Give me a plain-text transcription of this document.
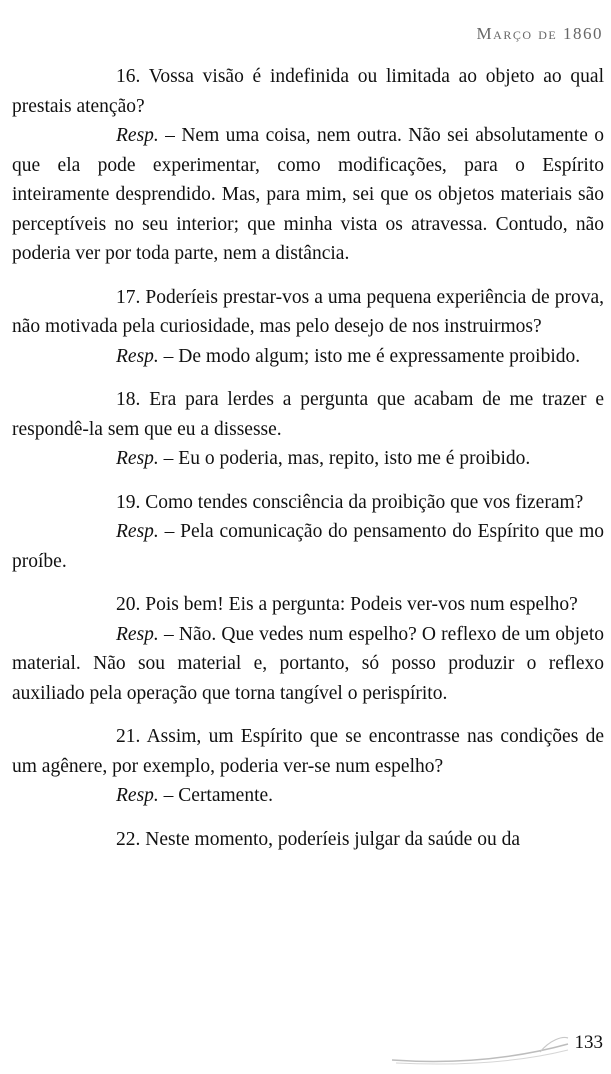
Março de 1860

16. Vossa visão é indefinida ou limitada ao objeto ao qual prestais atenção?

Resp. – Nem uma coisa, nem outra. Não sei absolutamente o que ela pode experimentar, como modificações, para o Espírito inteiramente desprendido. Mas, para mim, sei que os objetos materiais são perceptíveis no seu interior; que minha vista os atravessa. Contudo, não poderia ver por toda parte, nem a distância.

17. Poderíeis prestar-vos a uma pequena experiência de prova, não motivada pela curiosidade, mas pelo desejo de nos instruirmos?

Resp. – De modo algum; isto me é expressamente proibido.

18. Era para lerdes a pergunta que acabam de me trazer e respondê-la sem que eu a dissesse.

Resp. – Eu o poderia, mas, repito, isto me é proibido.

19. Como tendes consciência da proibição que vos fizeram?

Resp. – Pela comunicação do pensamento do Espírito que mo proíbe.

20. Pois bem! Eis a pergunta: Podeis ver-vos num espelho?

Resp. – Não. Que vedes num espelho? O reflexo de um objeto material. Não sou material e, portanto, só posso produzir o reflexo auxiliado pela operação que torna tangível o perispírito.

21. Assim, um Espírito que se encontrasse nas condições de um agênere, por exemplo, poderia ver-se num espelho?

Resp. – Certamente.

22. Neste momento, poderíeis julgar da saúde ou da

133
